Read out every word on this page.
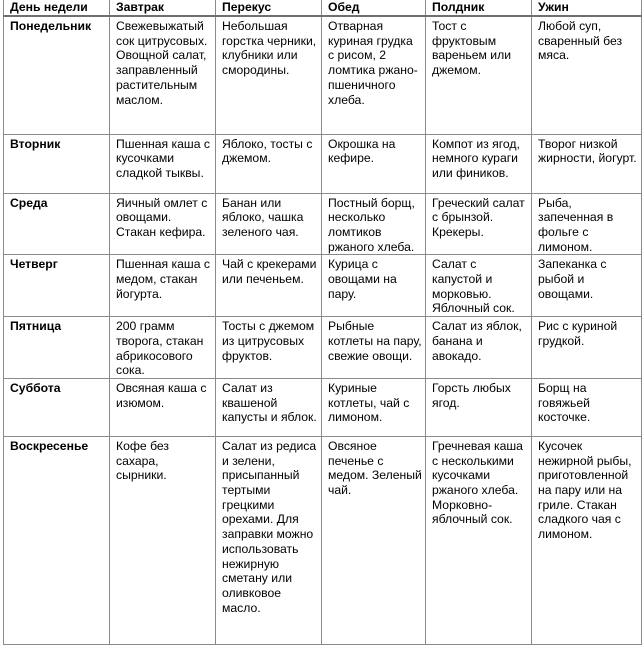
День недели	Завтрак	Перекус	Обед	Полдник	Ужин
Понедельник	Свежевыжатый сок цитрусовых. Овощной салат, заправленный растительным маслом.	Небольшая горстка черники, клубники или смородины.	Отварная куриная грудка с рисом, 2 ломтика ржано-пшеничного хлеба.	Тост с фруктовым вареньем или джемом.	Любой суп, сваренный без мяса.
Вторник	Пшенная каша с кусочками сладкой тыквы.	Яблоко, тосты с джемом.	Окрошка на кефире.	Компот из ягод, немного кураги или фиников.	Творог низкой жирности, йогурт.
Среда	Яичный омлет с овощами. Стакан кефира.	Банан или яблоко, чашка зеленого чая.	Постный борщ, несколько ломтиков ржаного хлеба.	Греческий салат с брынзой. Крекеры.	Рыба, запеченная в фольге с лимоном.
Четверг	Пшенная каша с медом, стакан йогурта.	Чай с крекерами или печеньем.	Курица с овощами на пару.	Салат с капустой и морковью. Яблочный сок.	Запеканка с рыбой и овощами.
Пятница	200 грамм творога, стакан абрикосового сока.	Тосты с джемом из цитрусовых фруктов.	Рыбные котлеты на пару, свежие овощи.	Салат из яблок, банана и авокадо.	Рис с куриной грудкой.
Суббота	Овсяная каша с изюмом.	Салат из квашеной капусты и яблок.	Куриные котлеты, чай с лимоном.	Горсть любых ягод.	Борщ на говяжьей косточке.
Воскресенье	Кофе без сахара, сырники.	Салат из редиса и зелени, присыпанный тертыми грецкими орехами. Для заправки можно использовать нежирную сметану или оливковое масло.	Овсяное печенье с медом. Зеленый чай.	Гречневая каша с несколькими кусочками ржаного хлеба. Морковно-яблочный сок.	Кусочек нежирной рыбы, приготовленной на пару или на гриле. Стакан сладкого чая с лимоном.
